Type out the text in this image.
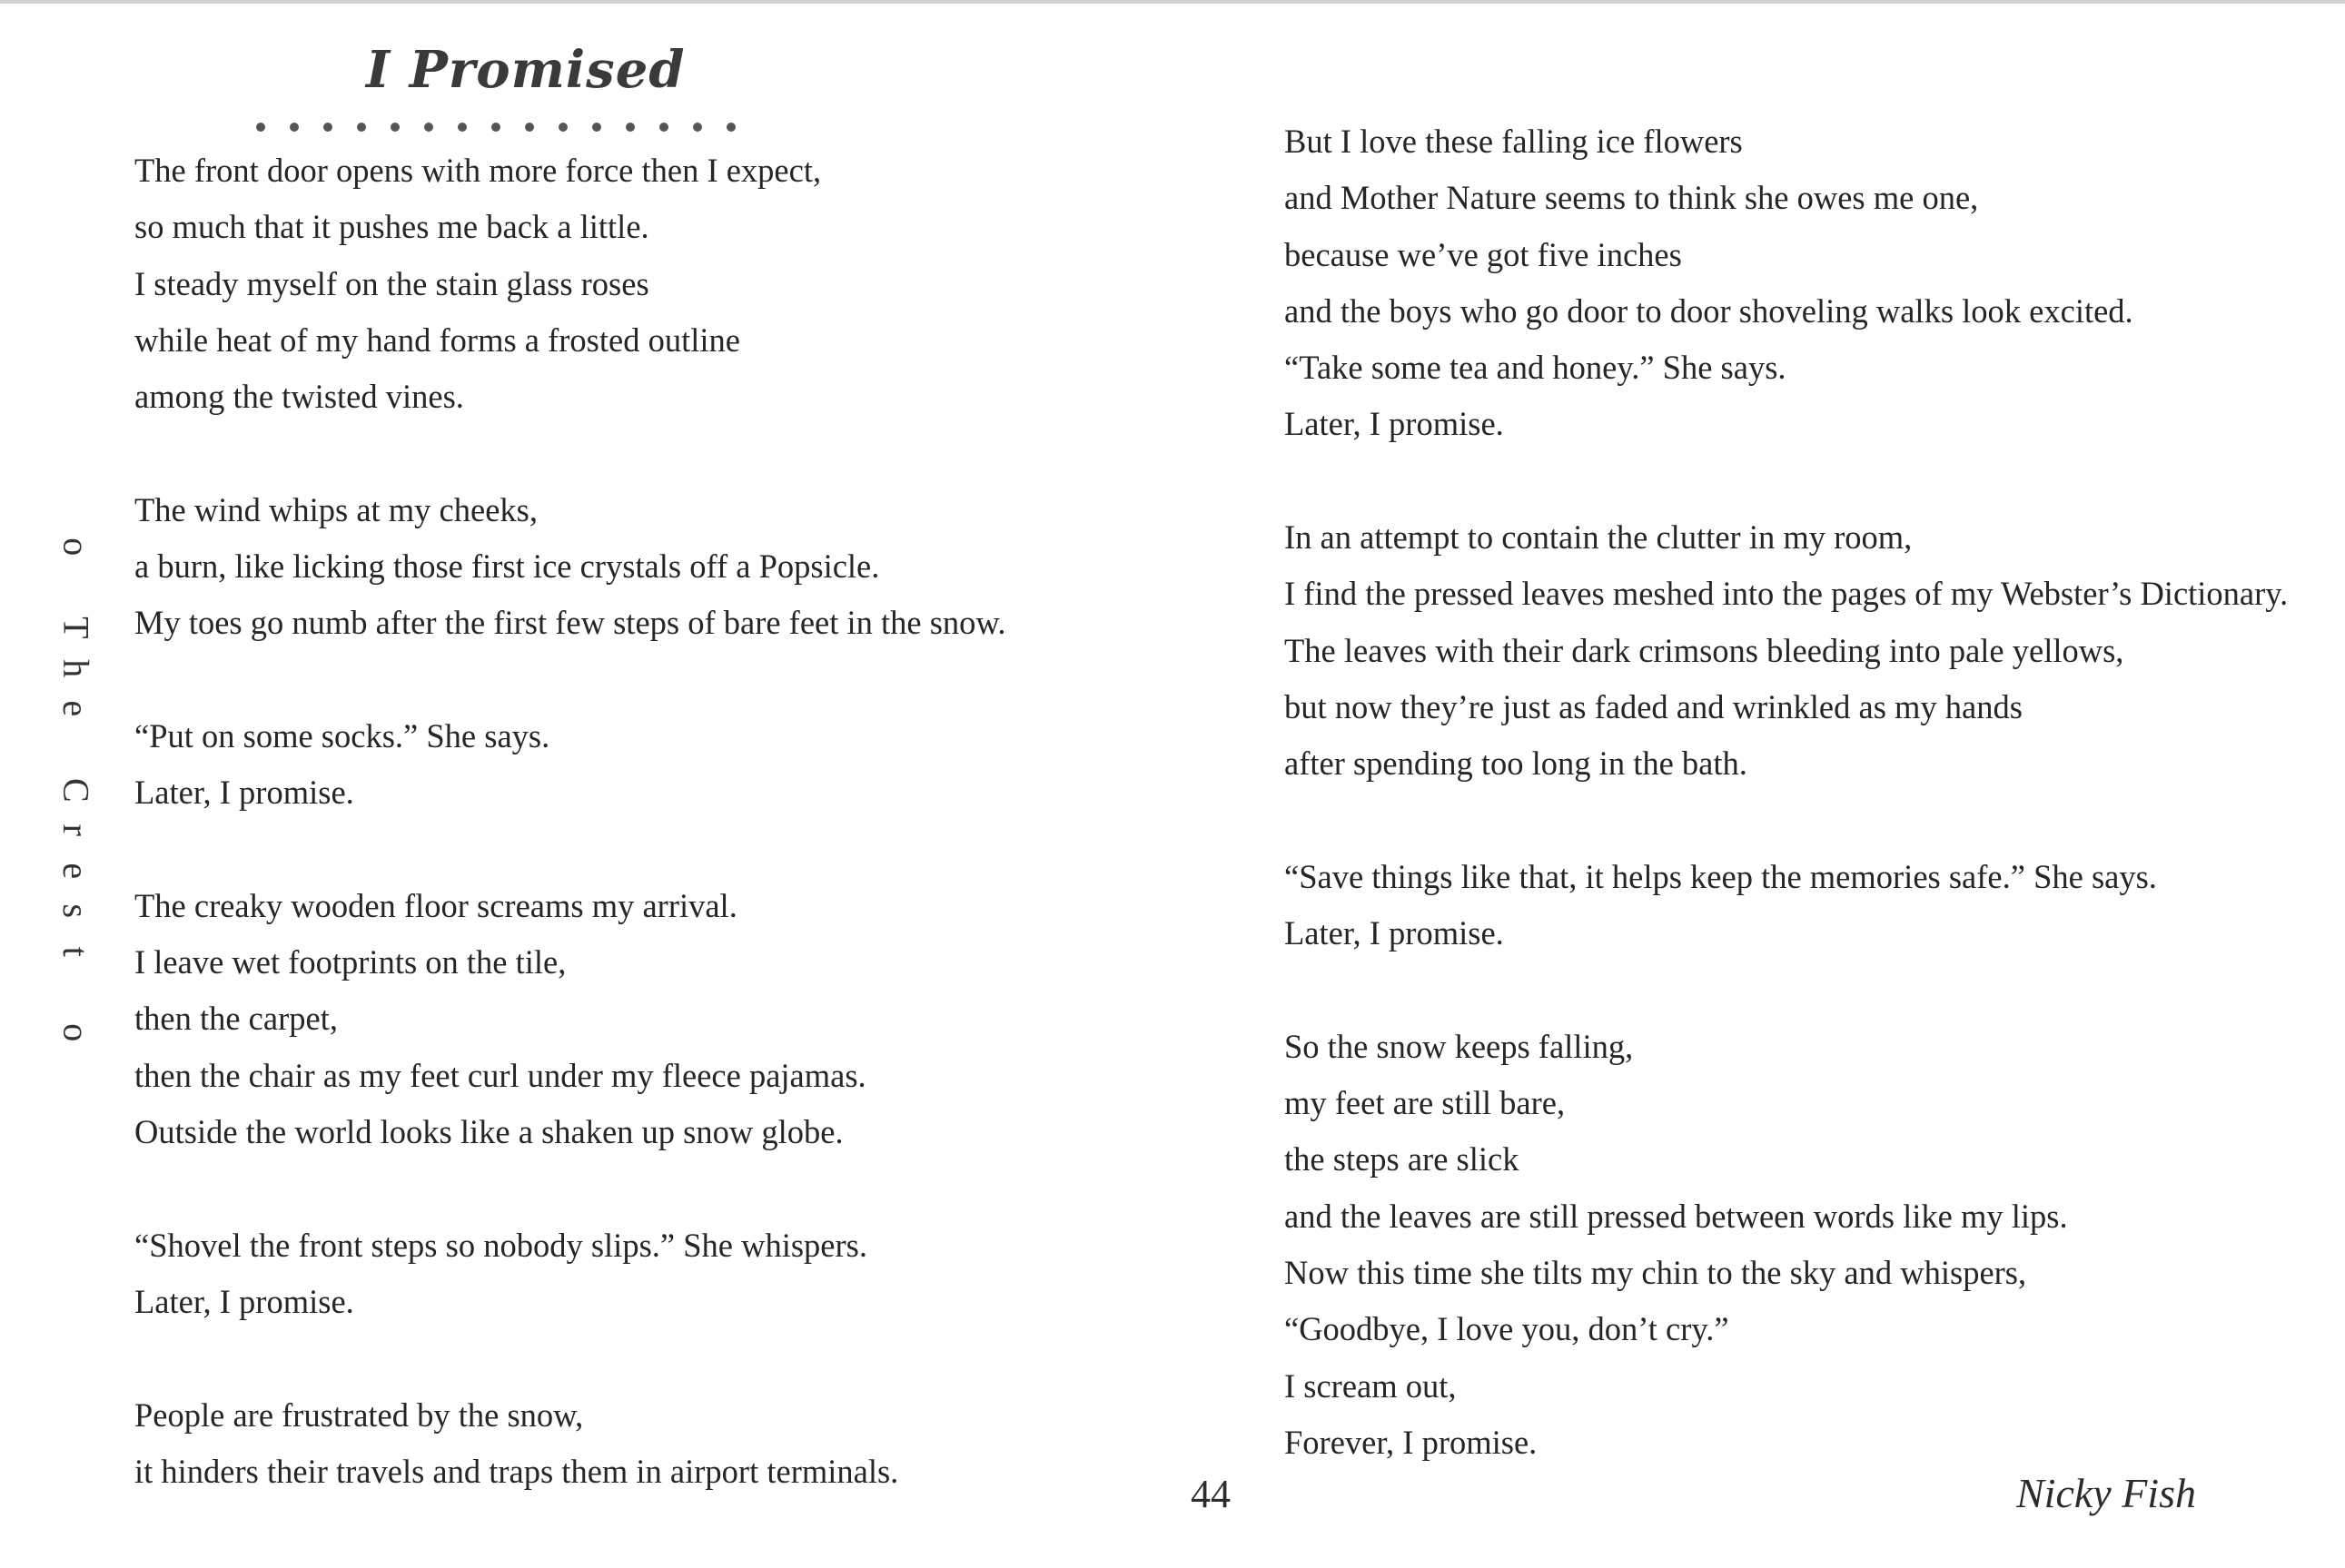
I Promised
o

T
h
e

C
r
e
s
t

o
The front door opens with more force then I expect,
so much that it pushes me back a little.
I steady myself on the stain glass roses
while heat of my hand forms a frosted outline
among the twisted vines.
The wind whips at my cheeks,
a burn, like licking those first ice crystals off a Popsicle.
My toes go numb after the first few steps of bare feet in the snow.
“Put on some socks.” She says.
Later, I promise.
The creaky wooden floor screams my arrival.
I leave wet footprints on the tile,
then the carpet,
then the chair as my feet curl under my fleece pajamas.
Outside the world looks like a shaken up snow globe.
“Shovel the front steps so nobody slips.” She whispers.
Later, I promise.
People are frustrated by the snow,
it hinders their travels and traps them in airport terminals.
But I love these falling ice flowers
and Mother Nature seems to think she owes me one,
because we’ve got five inches
and the boys who go door to door shoveling walks look excited.
“Take some tea and honey.” She says.
Later, I promise.
In an attempt to contain the clutter in my room,
I find the pressed leaves meshed into the pages of my Webster’s Dictionary.
The leaves with their dark crimsons bleeding into pale yellows,
but now they’re just as faded and wrinkled as my hands
after spending too long in the bath.
“Save things like that, it helps keep the memories safe.” She says.
Later, I promise.
So the snow keeps falling,
my feet are still bare,
the steps are slick
and the leaves are still pressed between words like my lips.
Now this time she tilts my chin to the sky and whispers,
“Goodbye, I love you, don’t cry.”
I scream out,
Forever, I promise.
44	Nicky Fish
